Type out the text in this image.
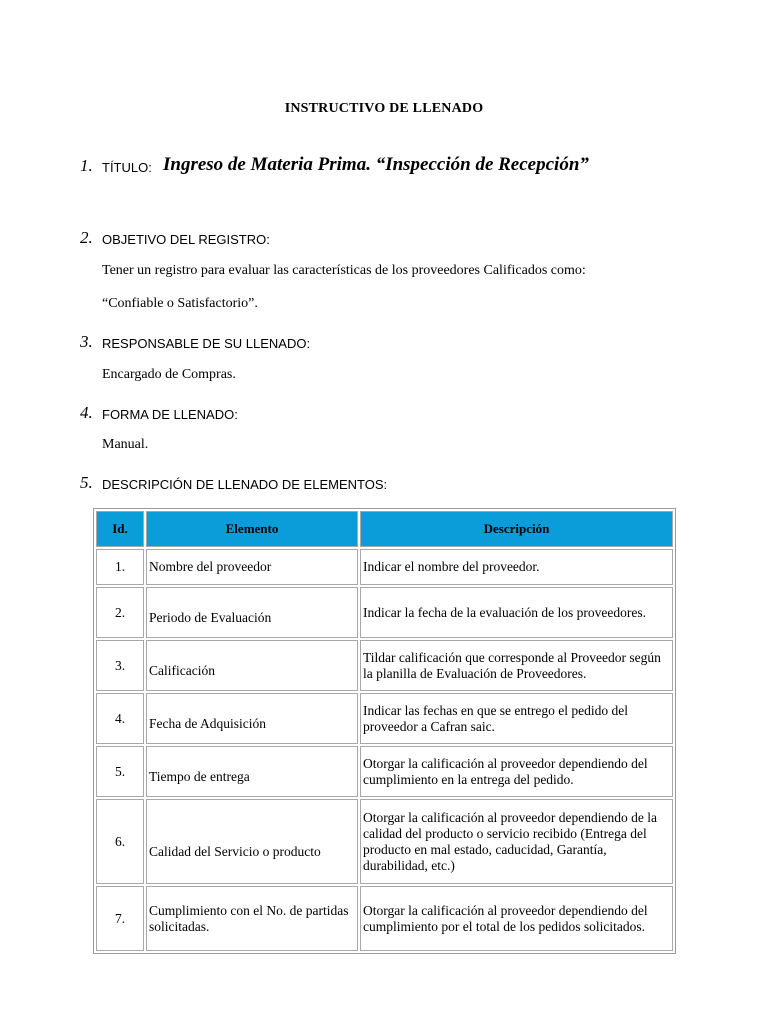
INSTRUCTIVO DE LLENADO
1. TÍTULO: Ingreso de Materia Prima. “Inspección de Recepción”
2. OBJETIVO DEL REGISTRO:
Tener un registro para evaluar las características de los proveedores Calificados como:
“Confiable o Satisfactorio”.
3. RESPONSABLE DE SU LLENADO:
Encargado de Compras.
4. FORMA DE LLENADO:
Manual.
5. DESCRIPCIÓN DE LLENADO DE ELEMENTOS:
Id.	Elemento	Descripción
1.	Nombre del proveedor	Indicar el nombre del proveedor.
2.	Periodo de Evaluación	Indicar la fecha de la evaluación de los proveedores.
3.	Calificación	Tildar calificación que corresponde al Proveedor según la planilla de Evaluación de Proveedores.
4.	Fecha de Adquisición	Indicar las fechas en que se entrego el pedido del proveedor a Cafran saic.
5.	Tiempo de entrega	Otorgar la calificación al proveedor dependiendo del cumplimiento en la entrega del pedido.
6.	Calidad del Servicio o producto	Otorgar la calificación al proveedor dependiendo de la calidad del producto o servicio recibido (Entrega del producto en mal estado, caducidad, Garantía, durabilidad, etc.)
7.	Cumplimiento con el No. de partidas solicitadas.	Otorgar la calificación al proveedor dependiendo del cumplimiento por el total de los pedidos solicitados.
